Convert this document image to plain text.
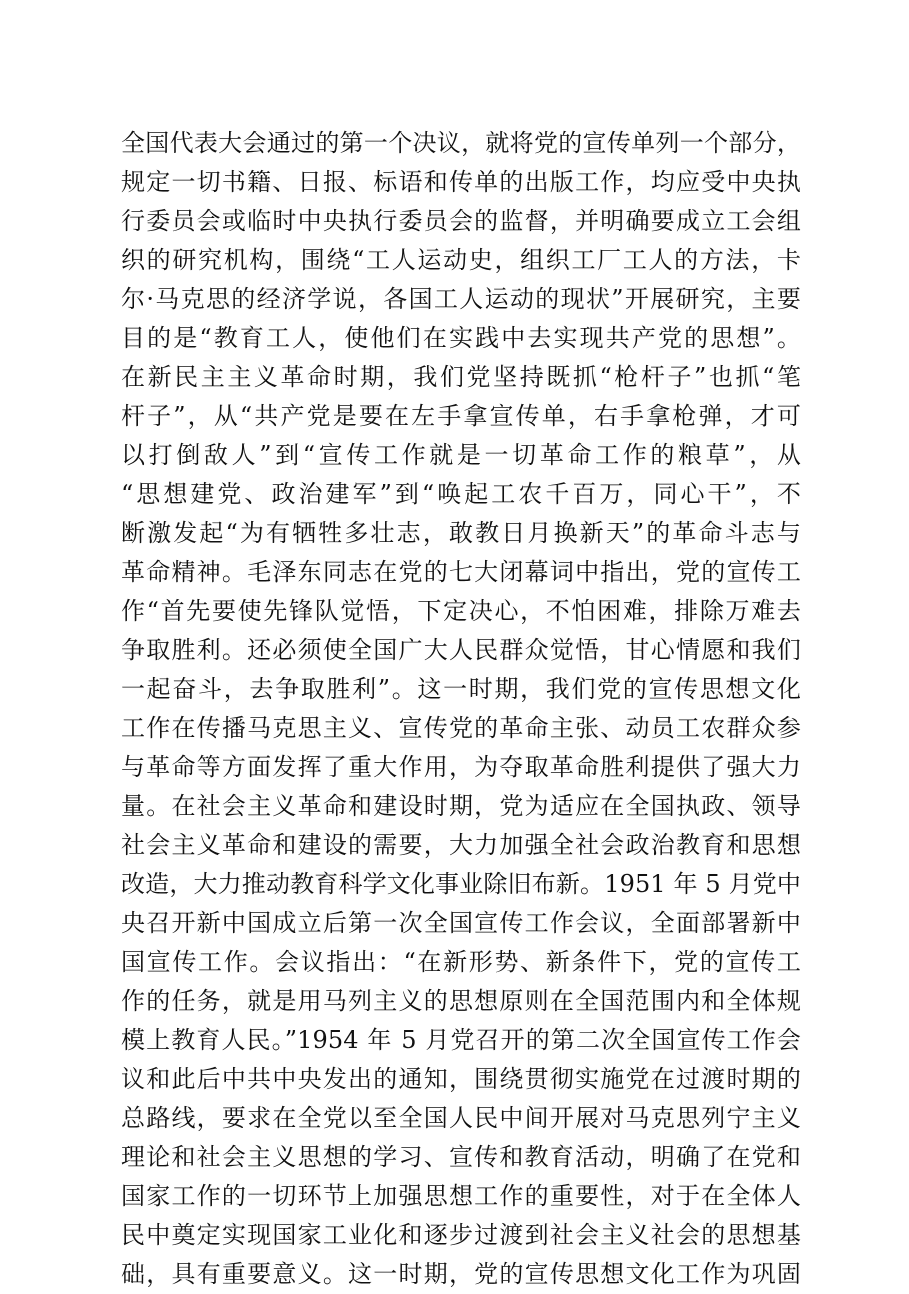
全国代表大会通过的第一个决议，就将党的宣传单列一个部分，
规定一切书籍、日报、标语和传单的出版工作，均应受中央执
行委员会或临时中央执行委员会的监督，并明确要成立工会组
织的研究机构，围绕“工人运动史，组织工厂工人的方法，卡
尔·马克思的经济学说，各国工人运动的现状”开展研究，主要
目的是“教育工人，使他们在实践中去实现共产党的思想”。
在新民主主义革命时期，我们党坚持既抓“枪杆子”也抓“笔
杆子”，从“共产党是要在左手拿宣传单，右手拿枪弹，才可
以打倒敌人”到“宣传工作就是一切革命工作的粮草”，从
“思想建党、政治建军”到“唤起工农千百万，同心干”，不
断激发起“为有牺牲多壮志，敢教日月换新天”的革命斗志与
革命精神。毛泽东同志在党的七大闭幕词中指出，党的宣传工
作“首先要使先锋队觉悟，下定决心，不怕困难，排除万难去
争取胜利。还必须使全国广大人民群众觉悟，甘心情愿和我们
一起奋斗，去争取胜利”。这一时期，我们党的宣传思想文化
工作在传播马克思主义、宣传党的革命主张、动员工农群众参
与革命等方面发挥了重大作用，为夺取革命胜利提供了强大力
量。在社会主义革命和建设时期，党为适应在全国执政、领导
社会主义革命和建设的需要，大力加强全社会政治教育和思想
改造，大力推动教育科学文化事业除旧布新。1951 年 5 月党中
央召开新中国成立后第一次全国宣传工作会议，全面部署新中
国宣传工作。会议指出：“在新形势、新条件下，党的宣传工
作的任务，就是用马列主义的思想原则在全国范围内和全体规
模上教育人民。”1954 年 5 月党召开的第二次全国宣传工作会
议和此后中共中央发出的通知，围绕贯彻实施党在过渡时期的
总路线，要求在全党以至全国人民中间开展对马克思列宁主义
理论和社会主义思想的学习、宣传和教育活动，明确了在党和
国家工作的一切环节上加强思想工作的重要性，对于在全体人
民中奠定实现国家工业化和逐步过渡到社会主义社会的思想基
础，具有重要意义。这一时期，党的宣传思想文化工作为巩固
